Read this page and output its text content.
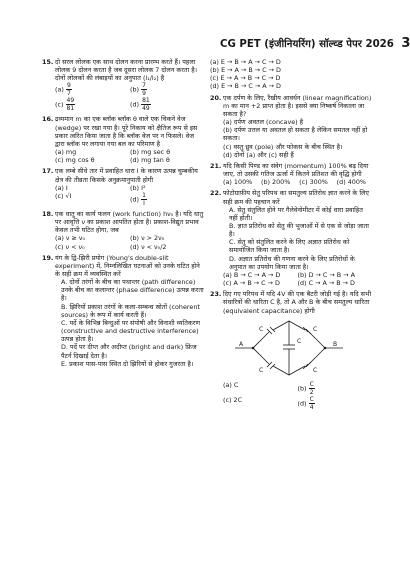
CG PET (इंजीनियरिंग) सॉल्व्ड पेपर 2026 3
15. दो सरल लोलक एक साथ दोलन करना प्रारम्भ करते हैं। पहला लोलक 9 दोलन करता है जब दूसरा लोलक 7 दोलन करता है। दोनों लोलकों की लंबाइयों का अनुपात (l₁/l₂) है
$(a) \frac{9}{7}$	$(b) \frac{7}{9}$
$(c) \frac{49}{81}$	$(d) \frac{81}{49}$
16. द्रव्यमान m का एक ब्लॉक ब्लॉक θ वाले एक चिकने वेज (wedge) पर रखा गया है। पूरे निकाय को क्षैतिज रूप से इस प्रकार त्वरित किया जाता है कि ब्लॉक वेज पर न फिसले। वेज द्वारा ब्लॉक पर लगाया गया बल का परिमाण है
(a) mg	(b) mg sec θ
(c) mg cos θ	(d) mg tan θ
17. एक लम्बे सीधे तार में प्रवाहित धारा I के कारण उत्पन्न चुम्बकीय क्षेत्र की तीव्रता किसके अनुक्रमानुपाती होगी
(a) I	(b) I²
(c) √I	$(d) \frac{1}{I}$
18. एक धातु का कार्य फलन (work function) hν₀ है। यदि धातु पर आवृत्ति ν का प्रकाश आपतित होता है। प्रकाश-विद्युत प्रभाव केवल तभी घटित होगा, जब
(a) ν ≥ ν₀	(b) ν > 2ν₀
(c) ν < ν₀	(d) ν < ν₀/2
19. यंग के द्वि-झिरी प्रयोग (Young's double-slit experiment) में, निम्नलिखित घटनाओं को उनके घटित होने के सही क्रम में व्यवस्थित करें
A. दोनों तरंगों के बीच का पथान्तर (path difference) उनके बीच का कलान्तर (phase difference) उत्पन्न करता है।
B. झिरियों प्रकाश तरंगों के कला-सम्बन्ध स्रोतों (coherent sources) के रूप में कार्य करती हैं।
C. पर्दे के विभिन्न बिन्दुओं पर संपोषी और विनाशी व्यतिकरण (constructive and destructive interference) उत्पन्न होता है।
D. पर्दे पर दीप्त और अदीप्त (bright and dark) फ्रिंज पैटर्न दिखाई देता है।
E. प्रकाश पास-पास स्थित दो झिरियों से होकर गुजरता है।
(a) E → B → A → C → D
(b) E → A → B → C → D
(c) E → A → B → C → D
(d) E → B → C → A → D
20. एक दर्पण के लिए, रैखीय आवर्धन (linear magnification) m का मान +2 प्राप्त होता है। इससे क्या निष्कर्ष निकाला जा सकता है?
(a) दर्पण अवतल (concave) है
(b) दर्पण उत्तल या अवतल हो सकता है लेकिन समतल नहीं हो सकता।
(c) वस्तु ध्रुव (pole) और फोकस के बीच स्थित है।
(d) दोनों (a) और (c) सही हैं
21. यदि किसी पिण्ड का संवेग (momentum) 100% बढ़ दिया जाए, तो उसकी गतिज ऊर्जा में कितने प्रतिशत की वृद्धि होगी
(a) 100% (b) 200% (c) 300% (d) 400%
22. फोटोग्राफ़ीय सेतु परिपथ का समतुल्य प्रतिरोध ज्ञात करने के लिए सही क्रम की पहचान करें
A. सेतु संतुलित होने पर गैलेवेनोमीटर में कोई धारा प्रवाहित नहीं होती।
B. ज्ञात प्रतिरोध को सेतु की भुजाओं में से एक से जोड़ा जाता है।
C. सेतु को संतुलित करने के लिए अज्ञात प्रतिरोध को समायोजित किया जाता है।
D. अज्ञात प्रतिरोध की गणना करने के लिए प्रतिरोधों के अनुपात का उपयोग किया जाता है।
(a) B → C → A → D	(b) D → C → B → A
(c) A → B → C → D	(d) C → A → B → D
23. दिए गए परिपथ में यदि 4V की एक बैटरी जोड़ी गई है। यदि सभी संधारित्रों की धारिता C है, तो A और B के बीच समतुल्य धारिता (equivalent capacitance) होगी
A	B
C	C
C	C
C
(a) C	$(b) \frac{C}{2}$
(c) 2C	$(d) \frac{C}{4}$
